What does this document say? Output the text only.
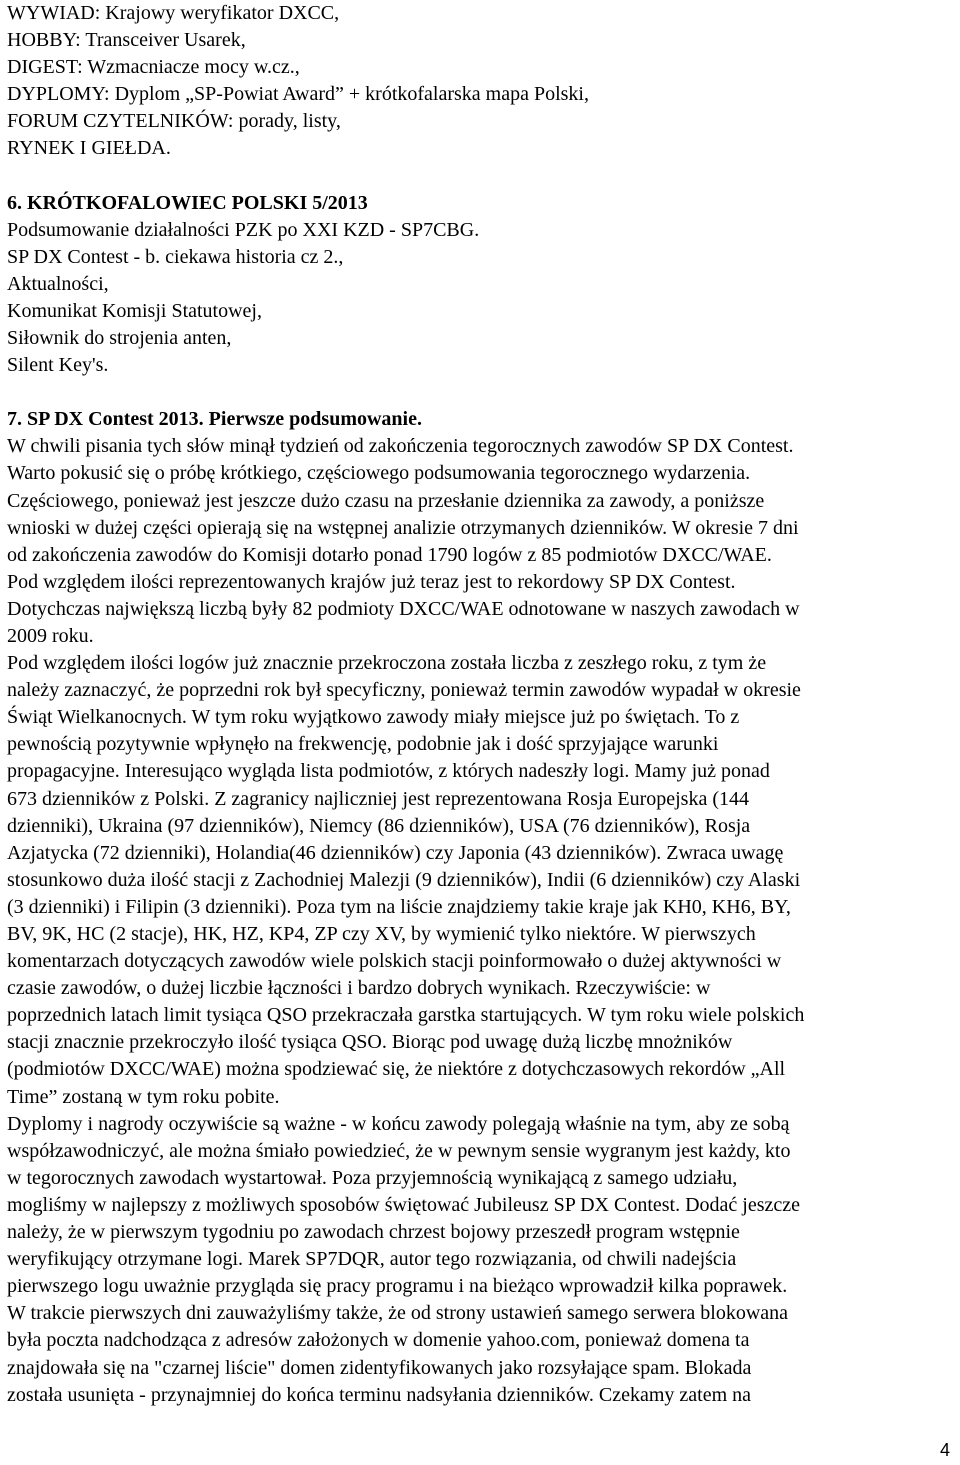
WYWIAD: Krajowy weryfikator DXCC,
HOBBY: Transceiver Usarek,
DIGEST: Wzmacniacze mocy w.cz.,
DYPLOMY: Dyplom „SP-Powiat Award” + krótkofalarska mapa Polski,
FORUM CZYTELNIKÓW: porady, listy,
RYNEK I GIEŁDA.
6. KRÓTKOFALOWIEC POLSKI 5/2013
Podsumowanie działalności PZK po XXI KZD - SP7CBG.
SP DX Contest - b. ciekawa historia cz 2.,
Aktualności,
Komunikat Komisji Statutowej,
Siłownik do strojenia anten,
Silent Key's.
7. SP DX Contest 2013. Pierwsze podsumowanie.
W chwili pisania tych słów minął tydzień od zakończenia tegorocznych zawodów SP DX Contest.
Warto pokusić się o próbę krótkiego, częściowego podsumowania tegorocznego wydarzenia.
Częściowego, ponieważ jest jeszcze dużo czasu na przesłanie dziennika za zawody, a poniższe
wnioski w dużej części opierają się na wstępnej analizie otrzymanych dzienników. W okresie 7 dni
od zakończenia zawodów do Komisji dotarło ponad 1790 logów z 85 podmiotów DXCC/WAE.
Pod względem ilości reprezentowanych krajów już teraz jest to rekordowy SP DX Contest.
Dotychczas największą liczbą były 82 podmioty DXCC/WAE odnotowane w naszych zawodach w
2009 roku.
Pod względem ilości logów już znacznie przekroczona została liczba z zeszłego roku, z tym że
należy zaznaczyć, że poprzedni rok był specyficzny, ponieważ termin zawodów wypadał w okresie
Świąt Wielkanocnych. W tym roku wyjątkowo zawody miały miejsce już po świętach. To z
pewnością pozytywnie wpłynęło na frekwencję, podobnie jak i dość sprzyjające warunki
propagacyjne. Interesująco wygląda lista podmiotów, z których nadeszły logi. Mamy już ponad
673 dzienników z Polski. Z zagranicy najliczniej jest reprezentowana Rosja Europejska (144
dzienniki), Ukraina (97 dzienników), Niemcy (86 dzienników), USA (76 dzienników), Rosja
Azjatycka (72 dzienniki), Holandia(46 dzienników) czy Japonia (43 dzienników). Zwraca uwagę
stosunkowo duża ilość stacji z Zachodniej Malezji (9 dzienników), Indii (6 dzienników) czy Alaski
(3 dzienniki) i Filipin (3 dzienniki). Poza tym na liście znajdziemy takie kraje jak KH0, KH6, BY,
BV, 9K, HC (2 stacje), HK, HZ, KP4, ZP czy XV, by wymienić tylko niektóre. W pierwszych
komentarzach dotyczących zawodów wiele polskich stacji poinformowało o dużej aktywności w
czasie zawodów, o dużej liczbie łączności i bardzo dobrych wynikach. Rzeczywiście: w
poprzednich latach limit tysiąca QSO przekraczała garstka startujących. W tym roku wiele polskich
stacji znacznie przekroczyło ilość tysiąca QSO. Biorąc pod uwagę dużą liczbę mnożników
(podmiotów DXCC/WAE) można spodziewać się, że niektóre z dotychczasowych rekordów „All
Time” zostaną w tym roku pobite.
Dyplomy i nagrody oczywiście są ważne - w końcu zawody polegają właśnie na tym, aby ze sobą
współzawodniczyć, ale można śmiało powiedzieć, że w pewnym sensie wygranym jest każdy, kto
w tegorocznych zawodach wystartował. Poza przyjemnością wynikającą z samego udziału,
mogliśmy w najlepszy z możliwych sposobów świętować Jubileusz SP DX Contest. Dodać jeszcze
należy, że w pierwszym tygodniu po zawodach chrzest bojowy przeszedł program wstępnie
weryfikujący otrzymane logi. Marek SP7DQR, autor tego rozwiązania, od chwili nadejścia
pierwszego logu uważnie przygląda się pracy programu i na bieżąco wprowadził kilka poprawek.
W trakcie pierwszych dni zauważyliśmy także, że od strony ustawień samego serwera blokowana
była poczta nadchodząca z adresów założonych w domenie yahoo.com, ponieważ domena ta
znajdowała się na "czarnej liście" domen zidentyfikowanych jako rozsyłające spam. Blokada
została usunięta - przynajmniej do końca terminu nadsyłania dzienników. Czekamy zatem na
4
